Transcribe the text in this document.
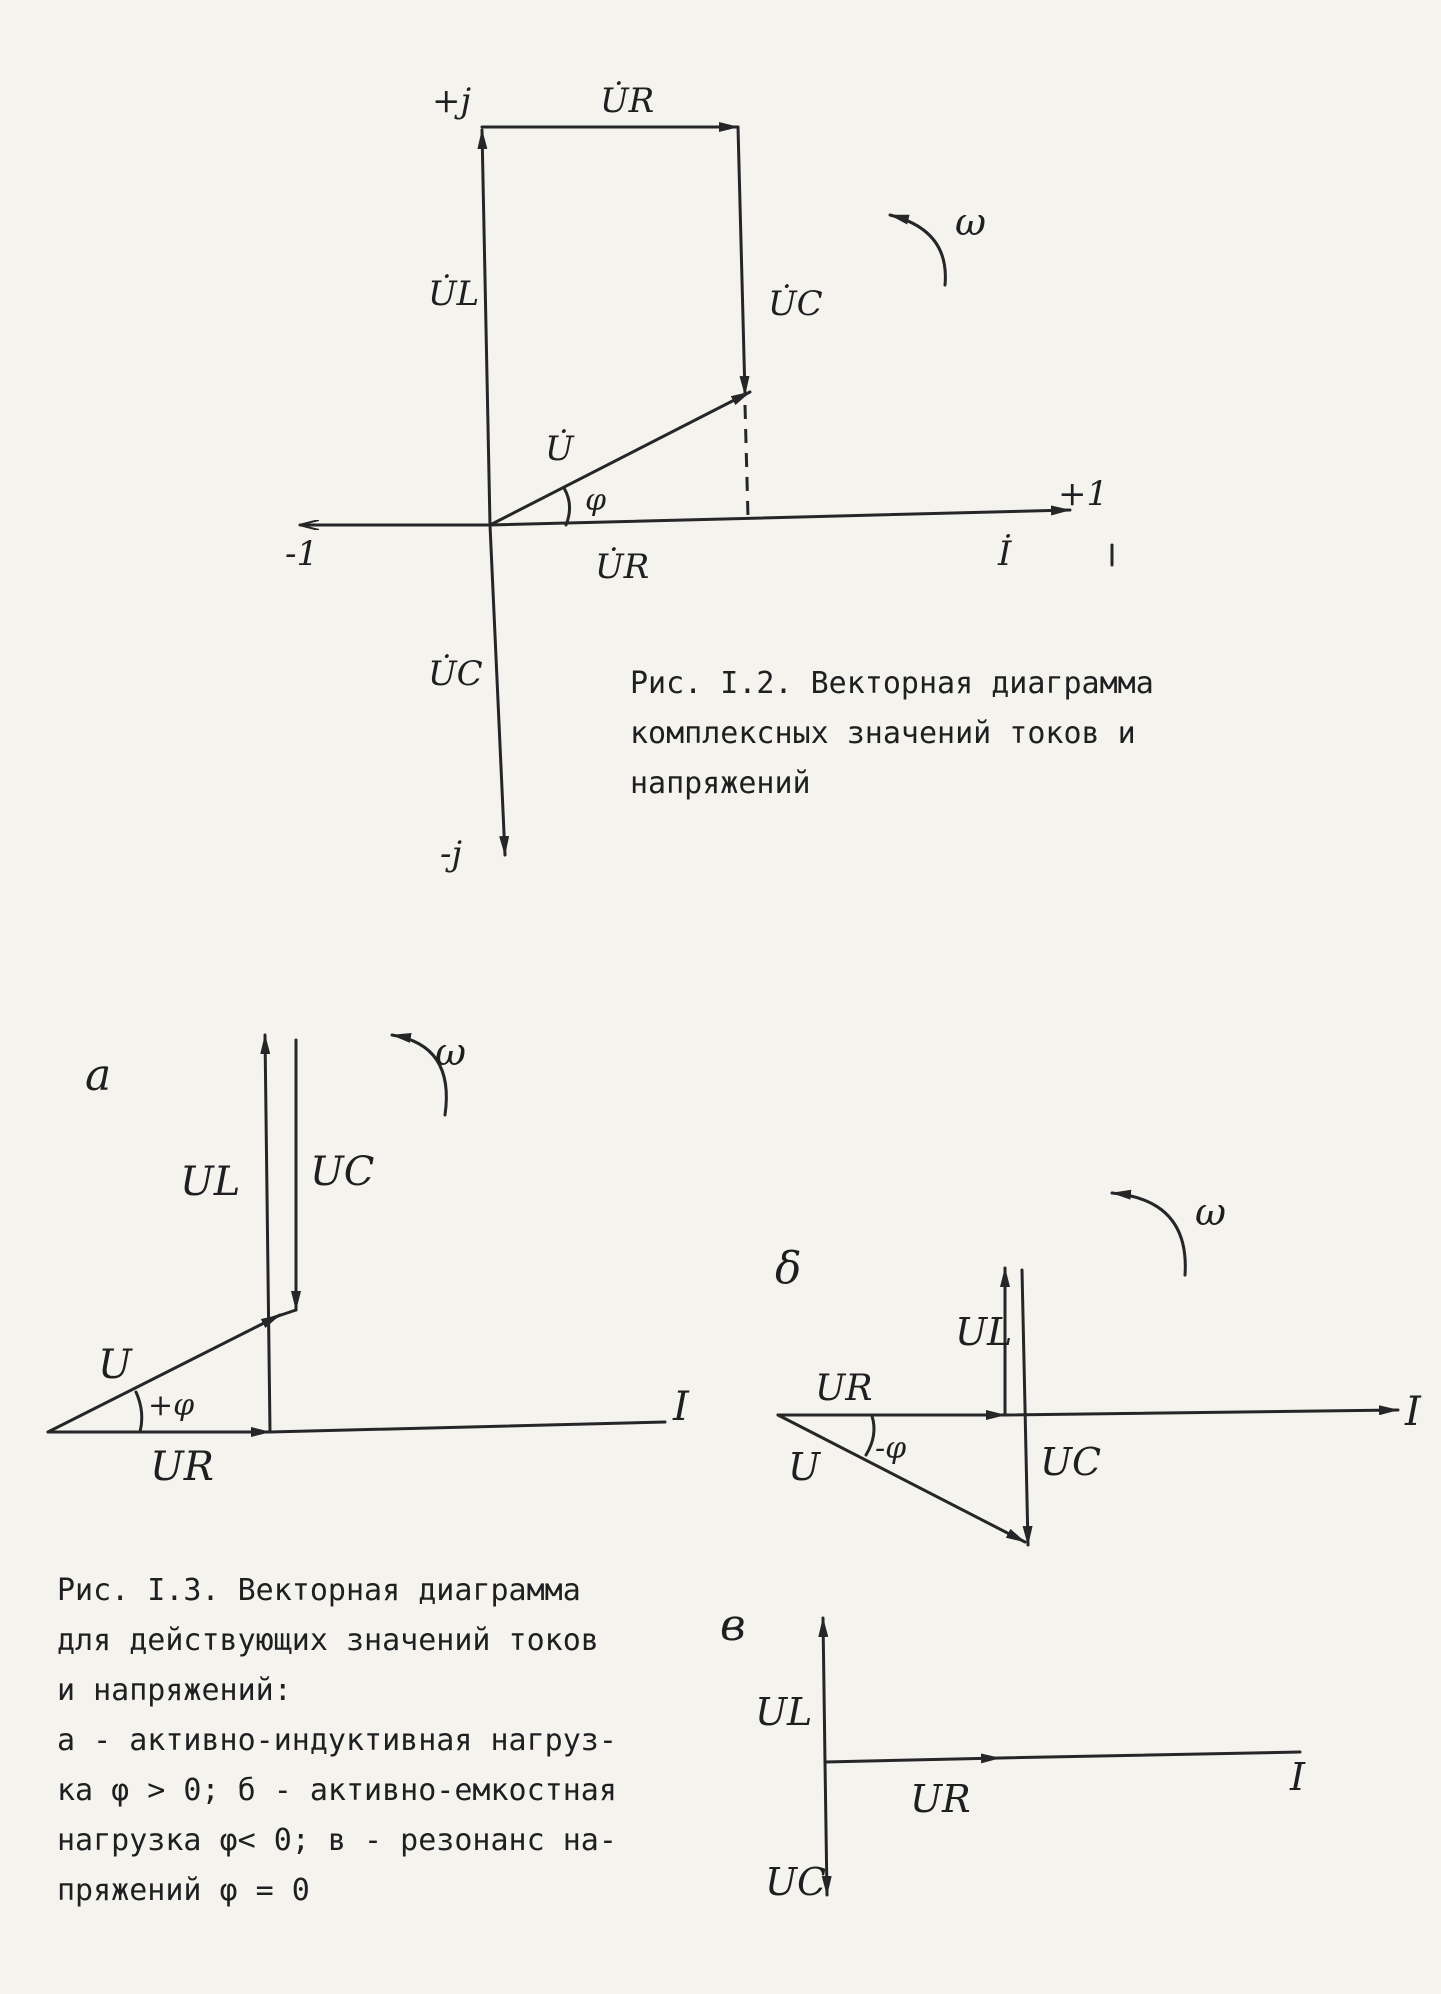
+j	U̇R
ω
U̇L	U̇C
U̇
φ	+1
-1	U̇R	İ
U̇C
-j
Рис. I.2. Векторная диаграмма
комплексных значений токов и
напряжений
а	ω
UL UC
U
+φ
UR
I
δ
ω
UL
UR
U -φ	UC
I
в
UL
UR
UC
I
Рис. I.3. Векторная диаграмма
для действующих значений токов
и напряжений:
а - активно-индуктивная нагруз-
ка φ > 0; б - активно-емкостная
нагрузка φ< 0; в - резонанс на-
пряжений φ = 0
